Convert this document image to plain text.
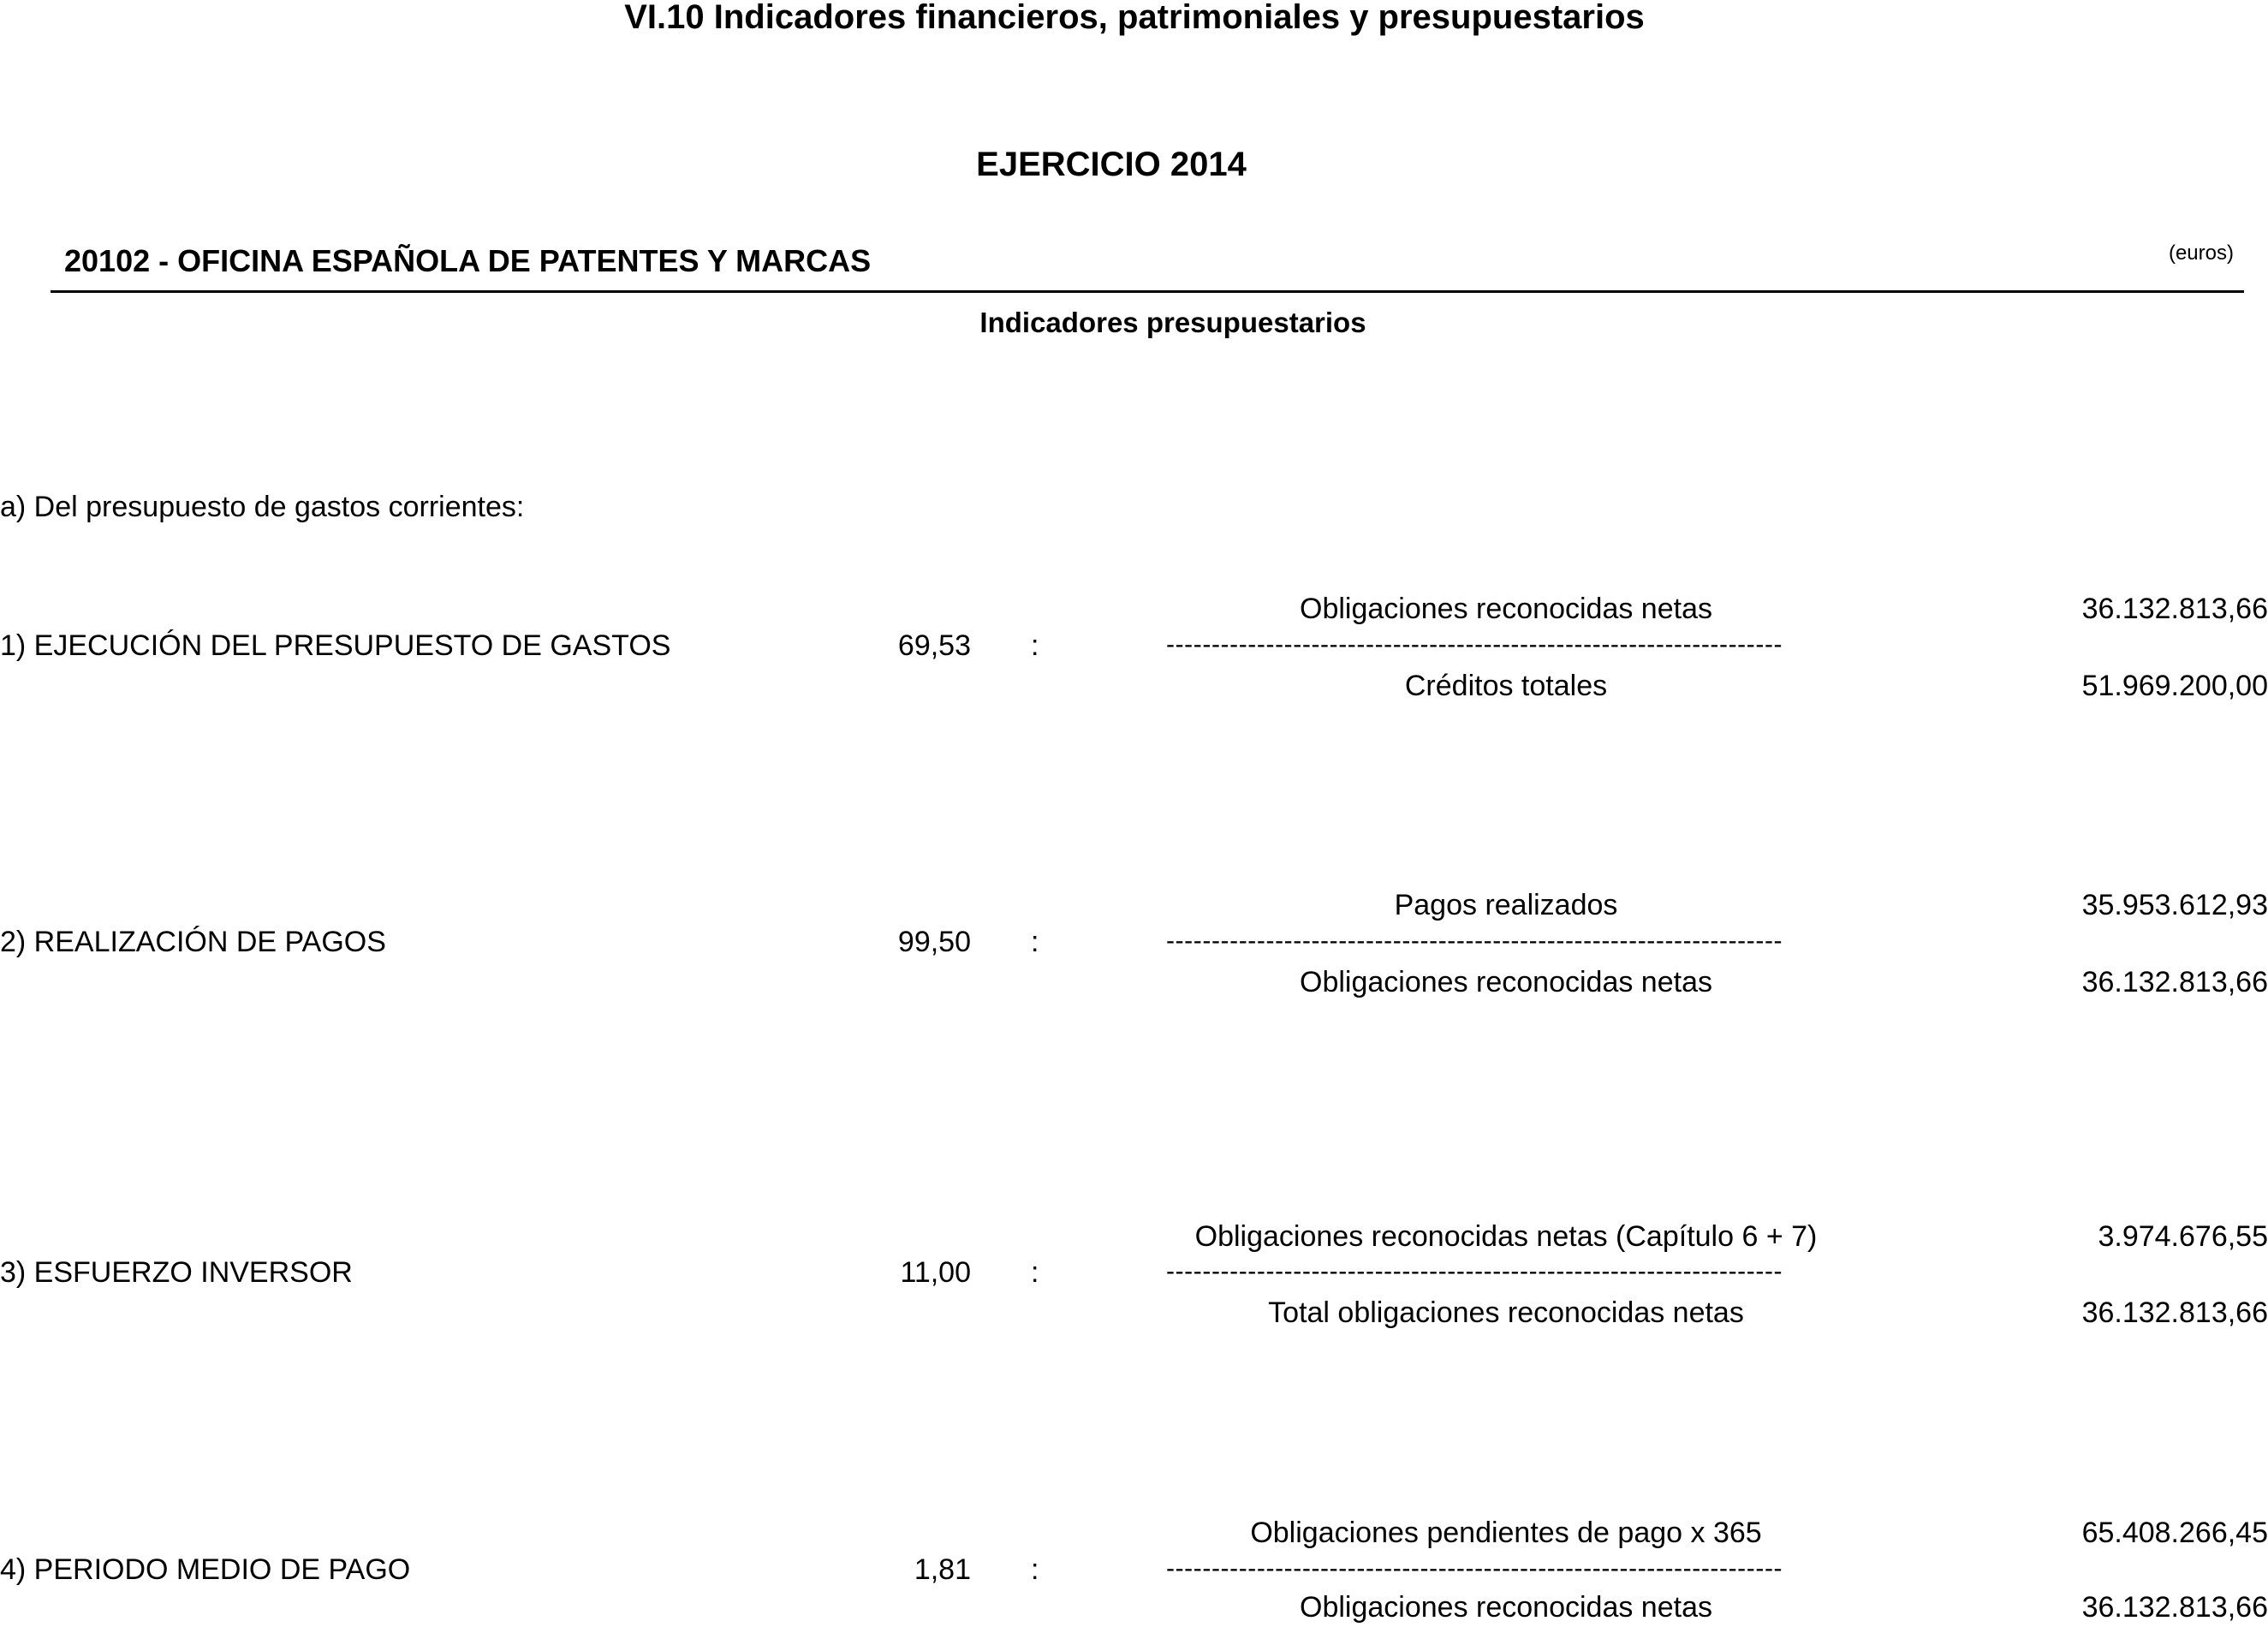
VI.10 Indicadores financieros, patrimoniales y presupuestarios
EJERCICIO 2014
20102 - OFICINA ESPAÑOLA DE PATENTES Y MARCAS	(euros)
Indicadores presupuestarios
a) Del presupuesto de gastos corrientes:
Obligaciones reconocidas netas	36.132.813,66
1) EJECUCIÓN DEL PRESUPUESTO DE GASTOS	69,53 :	--------------------------------------------------------------------
Créditos totales	51.969.200,00
Pagos realizados	35.953.612,93
2) REALIZACIÓN DE PAGOS	99,50 :	--------------------------------------------------------------------
Obligaciones reconocidas netas	36.132.813,66
Obligaciones reconocidas netas (Capítulo 6 + 7)	3.974.676,55
3) ESFUERZO INVERSOR	11,00 :	--------------------------------------------------------------------
Total obligaciones reconocidas netas	36.132.813,66
Obligaciones pendientes de pago x 365	65.408.266,45
4) PERIODO MEDIO DE PAGO	1,81 :	--------------------------------------------------------------------
Obligaciones reconocidas netas	36.132.813,66
